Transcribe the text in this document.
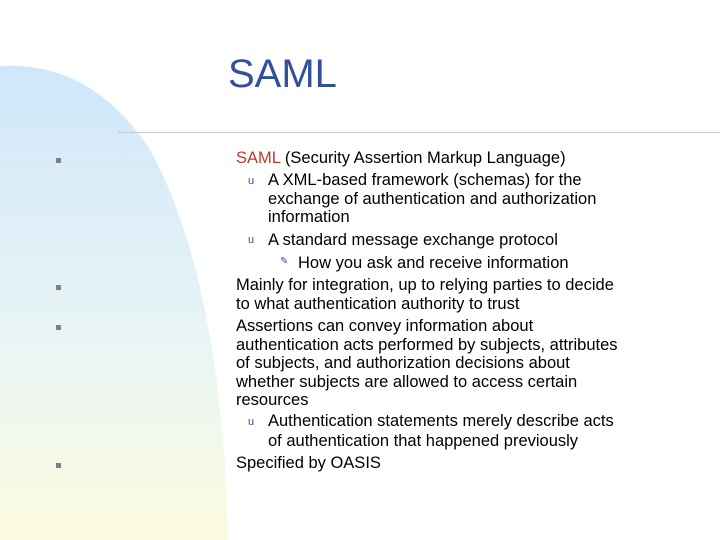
SAML
SAML (Security Assertion Markup Language)
u A XML-based framework (schemas) for the
exchange of authentication and authorization
information
u A standard message exchange protocol
✎ How you ask and receive information
Mainly for integration, up to relying parties to decide
to what authentication authority to trust
Assertions can convey information about
authentication acts performed by subjects, attributes
of subjects, and authorization decisions about
whether subjects are allowed to access certain
resources
u Authentication statements merely describe acts
of authentication that happened previously
Specified by OASIS
